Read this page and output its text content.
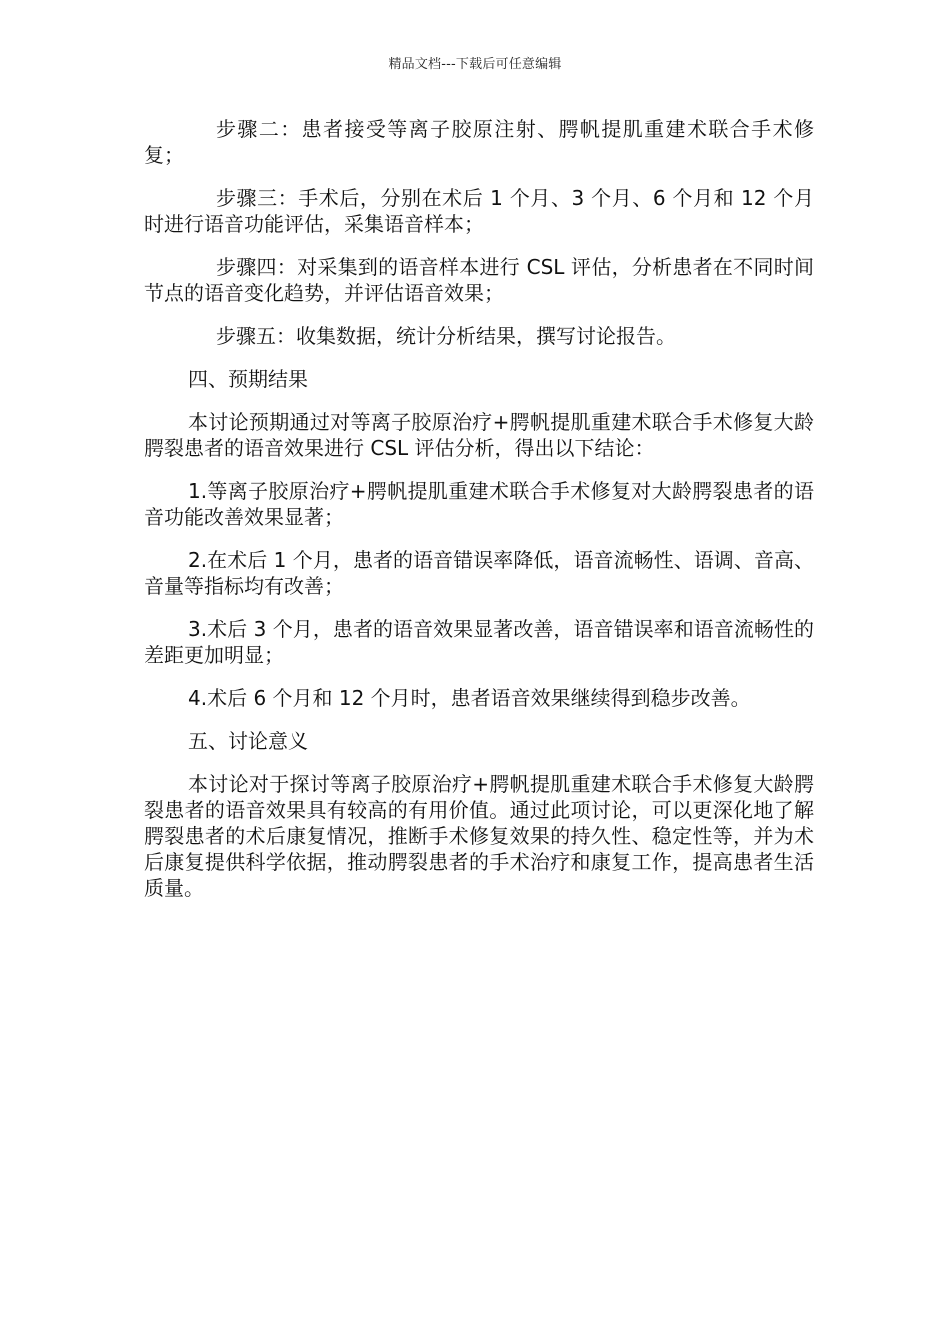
精品文档---下载后可任意编辑

步骤二：患者接受等离子胶原注射、腭帆提肌重建术联合手术修复；

步骤三：手术后，分别在术后 1 个月、3 个月、6 个月和 12 个月时进行语音功能评估，采集语音样本；

步骤四：对采集到的语音样本进行 CSL 评估，分析患者在不同时间节点的语音变化趋势，并评估语音效果；

步骤五：收集数据，统计分析结果，撰写讨论报告。

四、预期结果

本讨论预期通过对等离子胶原治疗+腭帆提肌重建术联合手术修复大龄腭裂患者的语音效果进行 CSL 评估分析，得出以下结论：

1.等离子胶原治疗+腭帆提肌重建术联合手术修复对大龄腭裂患者的语音功能改善效果显著；

2.在术后 1 个月，患者的语音错误率降低，语音流畅性、语调、音高、音量等指标均有改善；

3.术后 3 个月，患者的语音效果显著改善，语音错误率和语音流畅性的差距更加明显；

4.术后 6 个月和 12 个月时，患者语音效果继续得到稳步改善。

五、讨论意义

本讨论对于探讨等离子胶原治疗+腭帆提肌重建术联合手术修复大龄腭裂患者的语音效果具有较高的有用价值。通过此项讨论，可以更深化地了解腭裂患者的术后康复情况，推断手术修复效果的持久性、稳定性等，并为术后康复提供科学依据，推动腭裂患者的手术治疗和康复工作，提高患者生活质量。
